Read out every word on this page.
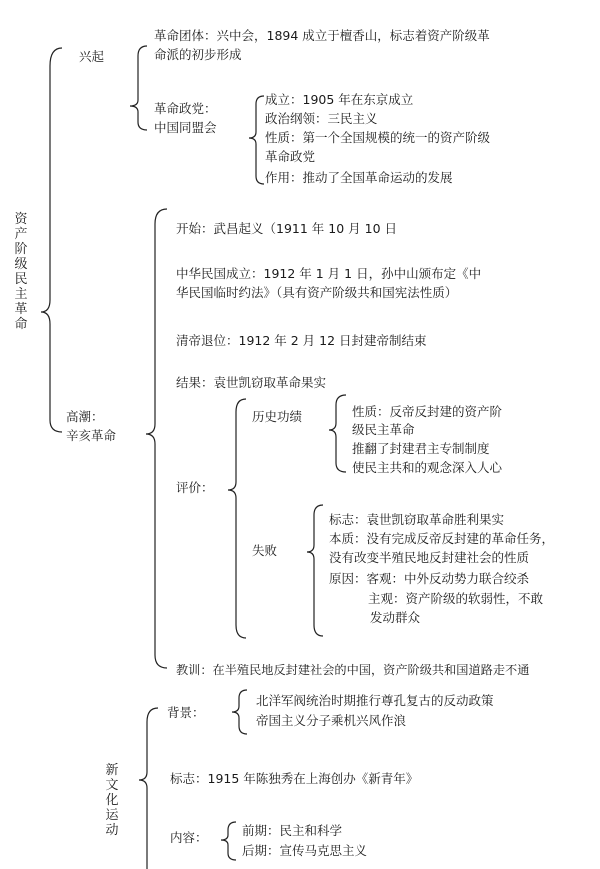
资产阶级民主革命
兴起
革命团体：兴中会，1894 成立于檀香山，标志着资产阶级革
命派的初步形成
革命政党：
中国同盟会
成立：1905 年在东京成立
政治纲领：三民主义
性质：第一个全国规模的统一的资产阶级
革命政党
作用：推动了全国革命运动的发展
高潮：
辛亥革命
开始：武昌起义（1911 年 10 月 10 日
中华民国成立：1912 年 1 月 1 日，孙中山颁布定《中
华民国临时约法》（具有资产阶级共和国宪法性质）
清帝退位：1912 年 2 月 12 日封建帝制结束
结果：袁世凯窃取革命果实
评价：
历史功绩	性质：反帝反封建的资产阶
级民主革命
推翻了封建君主专制制度
使民主共和的观念深入人心
失败
标志：袁世凯窃取革命胜利果实
本质：没有完成反帝反封建的革命任务，
没有改变半殖民地反封建社会的性质
原因：客观：中外反动势力联合绞杀
主观：资产阶级的软弱性，不敢
发动群众
教训：在半殖民地反封建社会的中国，资产阶级共和国道路走不通
新文化运动
背景：
北洋军阀统治时期推行尊孔复古的反动政策
帝国主义分子乘机兴风作浪
标志：1915 年陈独秀在上海创办《新青年》
内容：	前期：民主和科学
后期：宣传马克思主义
